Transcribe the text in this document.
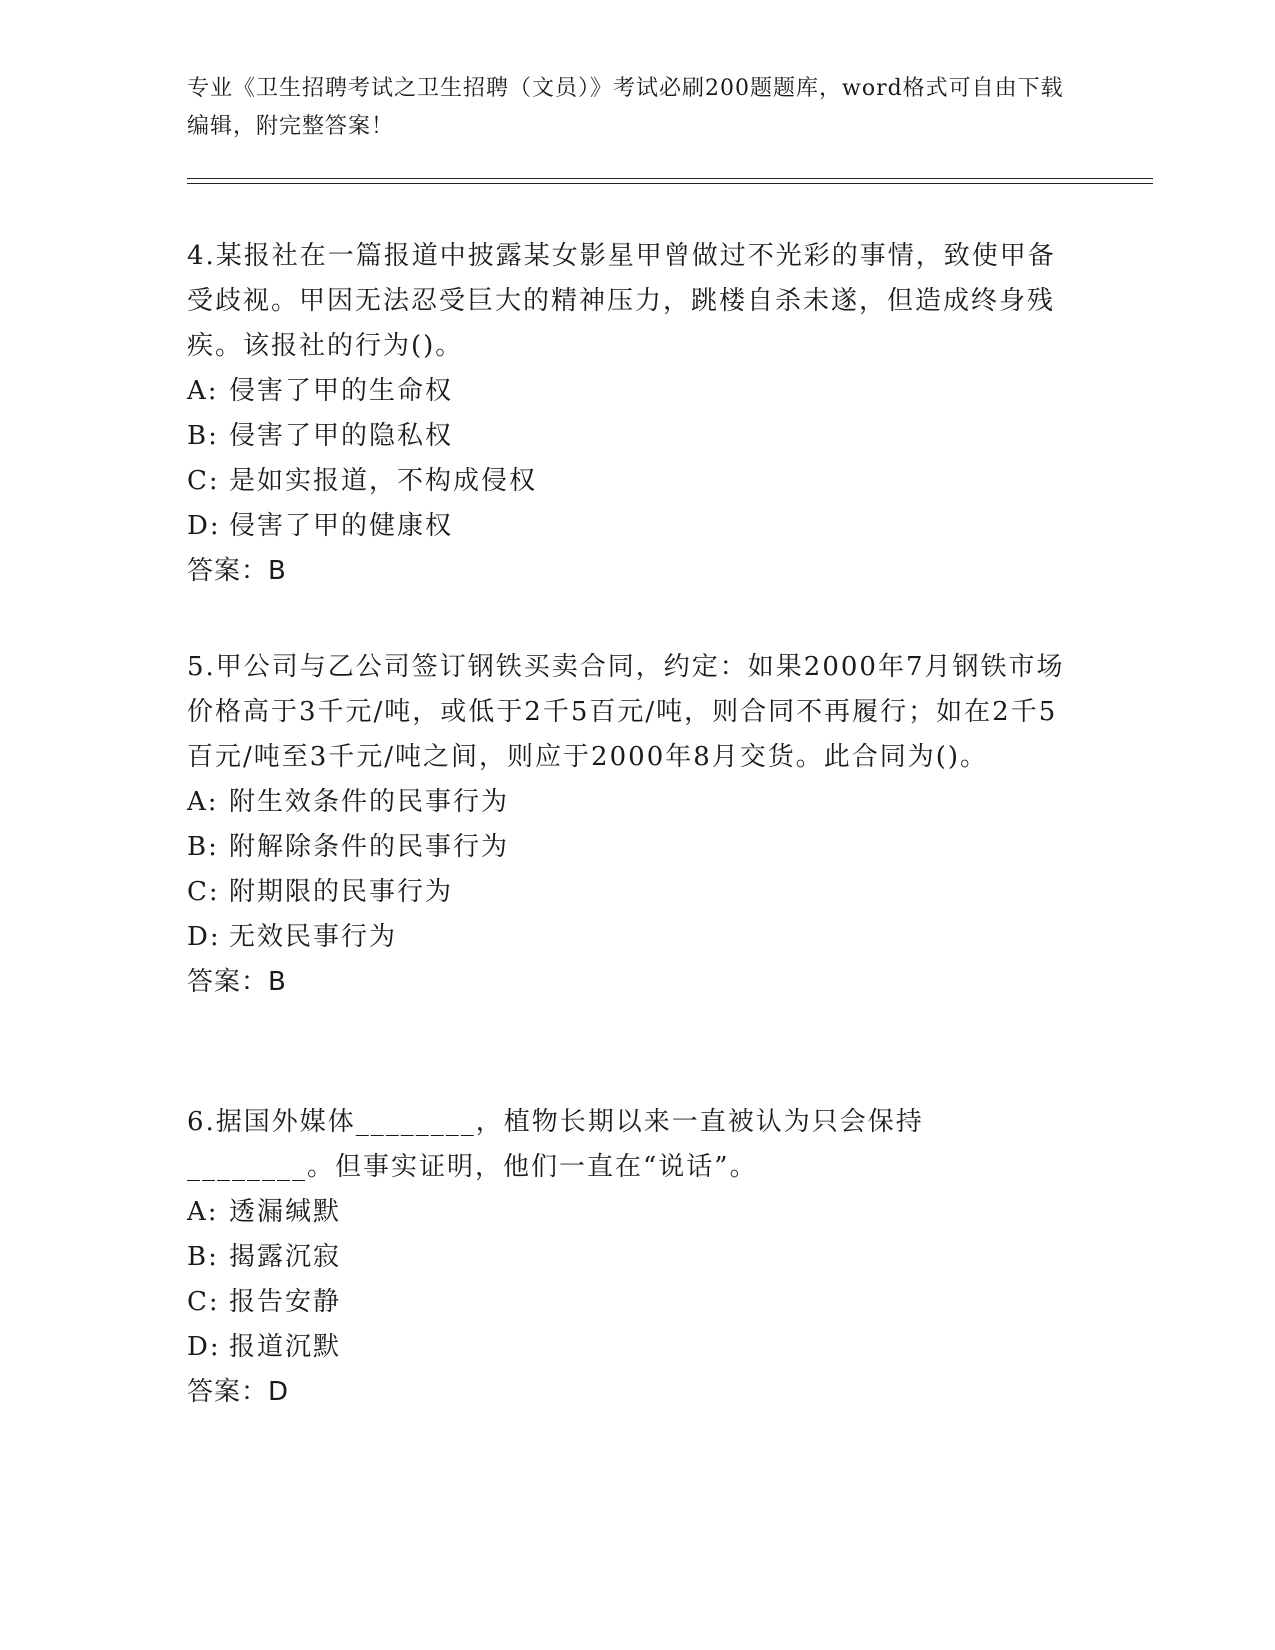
专业《卫生招聘考试之卫生招聘（文员）》考试必刷200题题库，word格式可自由下载编辑，附完整答案！
4.某报社在一篇报道中披露某女影星甲曾做过不光彩的事情，致使甲备受歧视。甲因无法忍受巨大的精神压力，跳楼自杀未遂，但造成终身残疾。该报社的行为()。
A: 侵害了甲的生命权
B: 侵害了甲的隐私权
C: 是如实报道，不构成侵权
D: 侵害了甲的健康权
答案：B
5.甲公司与乙公司签订钢铁买卖合同，约定：如果2000年7月钢铁市场价格高于3千元/吨，或低于2千5百元/吨，则合同不再履行；如在2千5百元/吨至3千元/吨之间，则应于2000年8月交货。此合同为()。
A: 附生效条件的民事行为
B: 附解除条件的民事行为
C: 附期限的民事行为
D: 无效民事行为
答案：B
6.据国外媒体________，植物长期以来一直被认为只会保持________。但事实证明，他们一直在“说话”。
A: 透漏缄默
B: 揭露沉寂
C: 报告安静
D: 报道沉默
答案：D
